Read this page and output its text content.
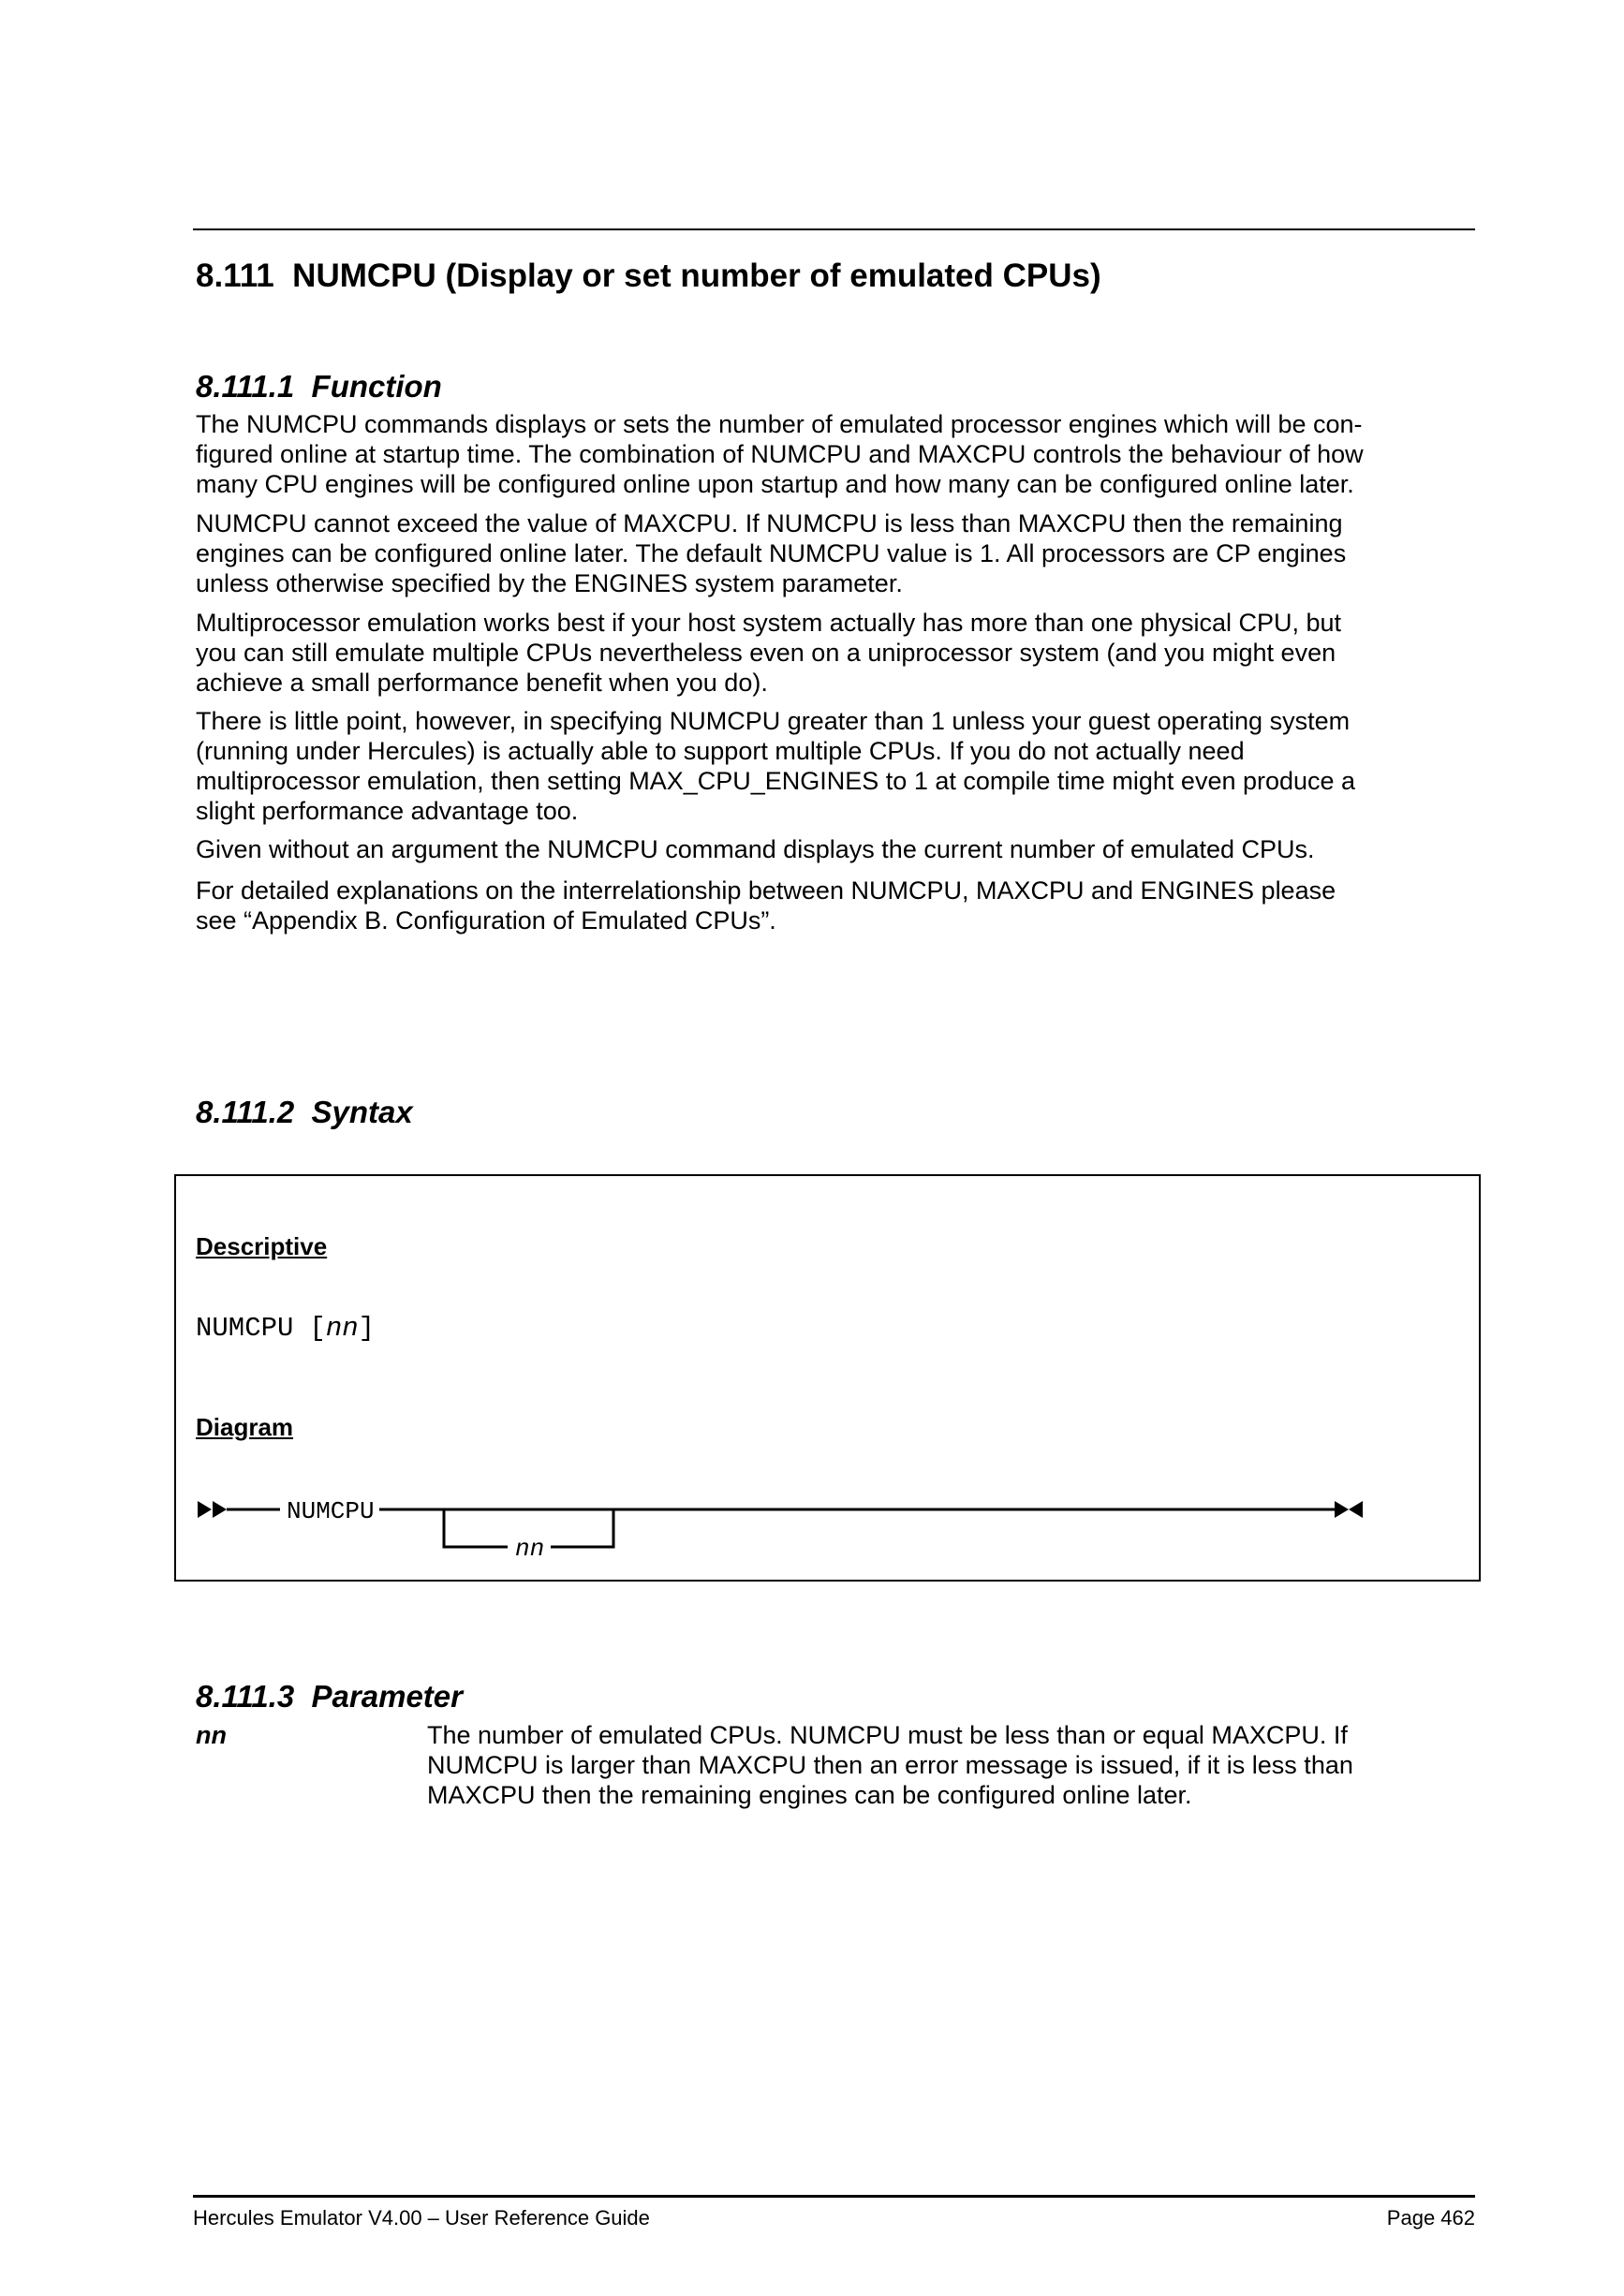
8.111  NUMCPU (Display or set number of emulated CPUs)
8.111.1  Function
The NUMCPU commands displays or sets the number of emulated processor engines which will be con-
figured online at startup time. The combination of NUMCPU and MAXCPU controls the behaviour of how
many CPU engines will be configured online upon startup and how many can be configured online later.
NUMCPU cannot exceed the value of MAXCPU. If NUMCPU is less than MAXCPU then the remaining
engines can be configured online later. The default NUMCPU value is 1. All processors are CP engines
unless otherwise specified by the ENGINES system parameter.
Multiprocessor emulation works best if your host system actually has more than one physical CPU, but
you can still emulate multiple CPUs nevertheless even on a uniprocessor system (and you might even
achieve a small performance benefit when you do).
There is little point, however, in specifying NUMCPU greater than 1 unless your guest operating system
(running under Hercules) is actually able to support multiple CPUs. If you do not actually need
multiprocessor emulation, then setting MAX_CPU_ENGINES to 1 at compile time might even produce a
slight performance advantage too.
Given without an argument the NUMCPU command displays the current number of emulated CPUs.
For detailed explanations on the interrelationship between NUMCPU, MAXCPU and ENGINES please
see “Appendix B. Configuration of Emulated CPUs”.
8.111.2  Syntax
Descriptive
NUMCPU [nn]
Diagram
NUMCPU
nn
8.111.3  Parameter
nn	The number of emulated CPUs. NUMCPU must be less than or equal MAXCPU. If
NUMCPU is larger than MAXCPU then an error message is issued, if it is less than
MAXCPU then the remaining engines can be configured online later.
Hercules Emulator V4.00 – User Reference Guide	Page 462
